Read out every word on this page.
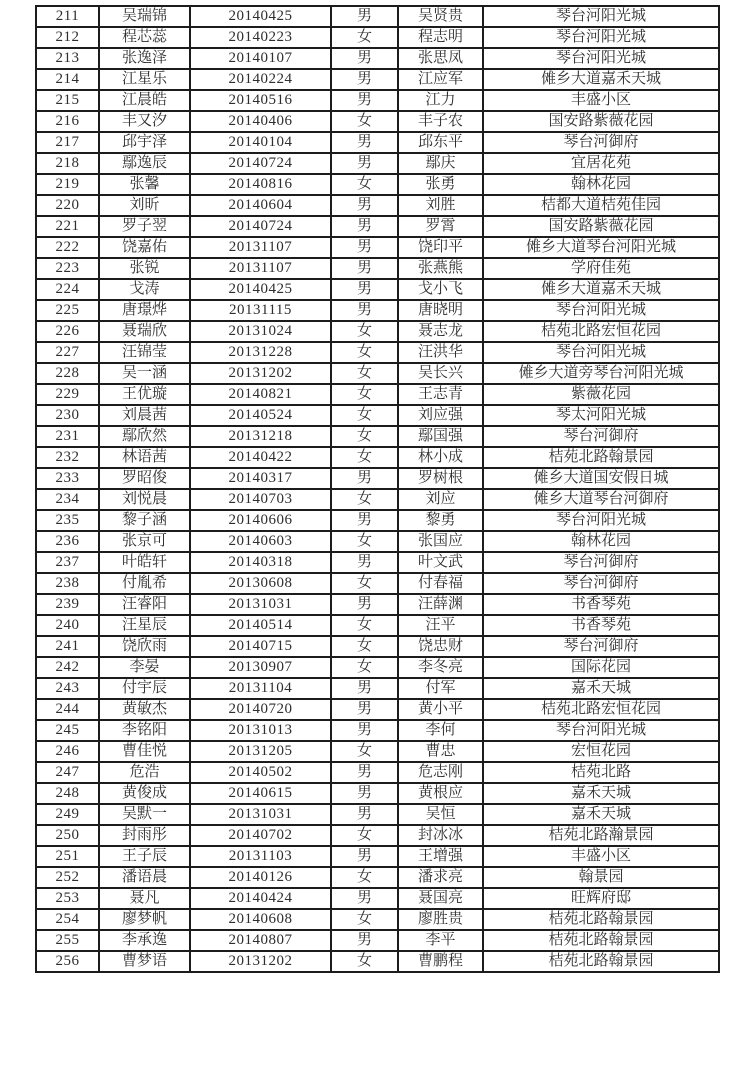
211	吴瑞锦	20140425	男	吴贤贵	琴台河阳光城
212	程芯蕊	20140223	女	程志明	琴台河阳光城
213	张逸泽	20140107	男	张思凤	琴台河阳光城
214	江星乐	20140224	男	江应军	傩乡大道嘉禾天城
215	江晨皓	20140516	男	江力	丰盛小区
216	丰又汐	20140406	女	丰子农	国安路紫薇花园
217	邱宇泽	20140104	男	邱东平	琴台河御府
218	鄢逸辰	20140724	男	鄢庆	宜居花苑
219	张馨	20140816	女	张勇	翰林花园
220	刘昕	20140604	男	刘胜	桔都大道桔苑佳园
221	罗子翌	20140724	男	罗霄	国安路紫薇花园
222	饶嘉佑	20131107	男	饶印平	傩乡大道琴台河阳光城
223	张锐	20131107	男	张燕熊	学府佳苑
224	戈涛	20140425	男	戈小飞	傩乡大道嘉禾天城
225	唐璟烨	20131115	男	唐晓明	琴台河阳光城
226	聂瑞欣	20131024	女	聂志龙	桔苑北路宏恒花园
227	汪锦莹	20131228	女	汪洪华	琴台河阳光城
228	吴一涵	20131202	女	吴长兴	傩乡大道旁琴台河阳光城
229	王优璇	20140821	女	王志青	紫薇花园
230	刘晨茜	20140524	女	刘应强	琴太河阳光城
231	鄢欣然	20131218	女	鄢国强	琴台河御府
232	林语茜	20140422	女	林小成	桔苑北路翰景园
233	罗昭俊	20140317	男	罗树根	傩乡大道国安假日城
234	刘悦晨	20140703	女	刘应	傩乡大道琴台河御府
235	黎子涵	20140606	男	黎勇	琴台河阳光城
236	张京可	20140603	女	张国应	翰林花园
237	叶皓轩	20140318	男	叶文武	琴台河御府
238	付胤希	20130608	女	付春福	琴台河御府
239	汪睿阳	20131031	男	汪薛渊	书香琴苑
240	汪星辰	20140514	女	汪平	书香琴苑
241	饶欣雨	20140715	女	饶忠财	琴台河御府
242	李晏	20130907	女	李冬亮	国际花园
243	付宇辰	20131104	男	付军	嘉禾天城
244	黄敏杰	20140720	男	黄小平	桔苑北路宏恒花园
245	李铭阳	20131013	男	李何	琴台河阳光城
246	曹佳悦	20131205	女	曹忠	宏恒花园
247	危浩	20140502	男	危志刚	桔苑北路
248	黄俊成	20140615	男	黄根应	嘉禾天城
249	吴默一	20131031	男	吴恒	嘉禾天城
250	封雨彤	20140702	女	封冰冰	桔苑北路瀚景园
251	王子辰	20131103	男	王增强	丰盛小区
252	潘语晨	20140126	女	潘求亮	翰景园
253	聂凡	20140424	男	聂国亮	旺辉府邸
254	廖梦帆	20140608	女	廖胜贵	桔苑北路翰景园
255	李承逸	20140807	男	李平	桔苑北路翰景园
256	曹梦语	20131202	女	曹鹏程	桔苑北路翰景园
